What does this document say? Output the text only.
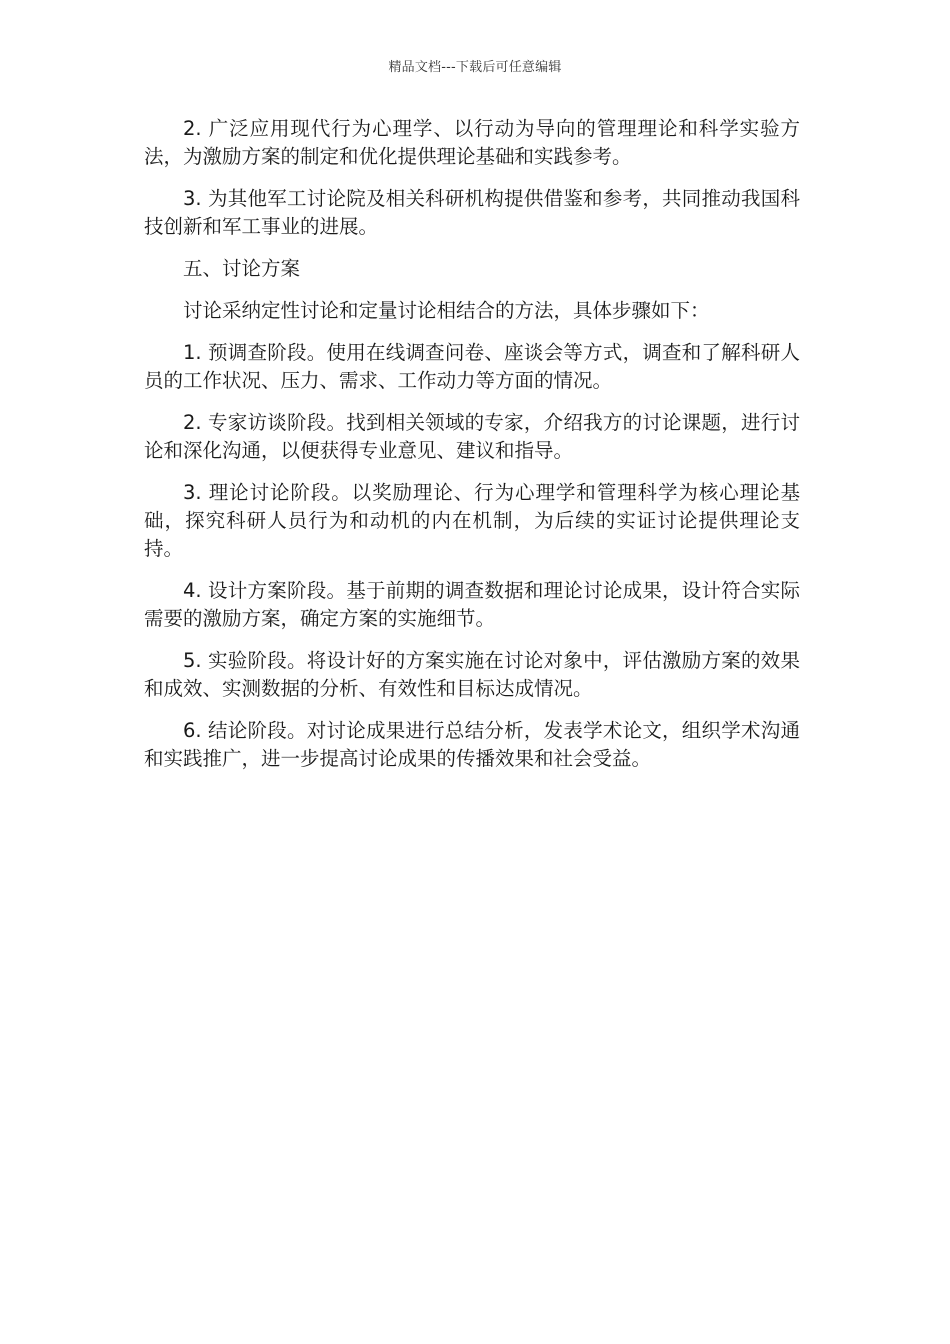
精品文档---下载后可任意编辑

2. 广泛应用现代行为心理学、以行动为导向的管理理论和科学实验方法，为激励方案的制定和优化提供理论基础和实践参考。

3. 为其他军工讨论院及相关科研机构提供借鉴和参考，共同推动我国科技创新和军工事业的进展。

五、讨论方案

讨论采纳定性讨论和定量讨论相结合的方法，具体步骤如下：

1. 预调查阶段。使用在线调查问卷、座谈会等方式，调查和了解科研人员的工作状况、压力、需求、工作动力等方面的情况。

2. 专家访谈阶段。找到相关领域的专家，介绍我方的讨论课题，进行讨论和深化沟通，以便获得专业意见、建议和指导。

3. 理论讨论阶段。以奖励理论、行为心理学和管理科学为核心理论基础，探究科研人员行为和动机的内在机制，为后续的实证讨论提供理论支持。

4. 设计方案阶段。基于前期的调查数据和理论讨论成果，设计符合实际需要的激励方案，确定方案的实施细节。

5. 实验阶段。将设计好的方案实施在讨论对象中，评估激励方案的效果和成效、实测数据的分析、有效性和目标达成情况。

6. 结论阶段。对讨论成果进行总结分析，发表学术论文，组织学术沟通和实践推广，进一步提高讨论成果的传播效果和社会受益。
